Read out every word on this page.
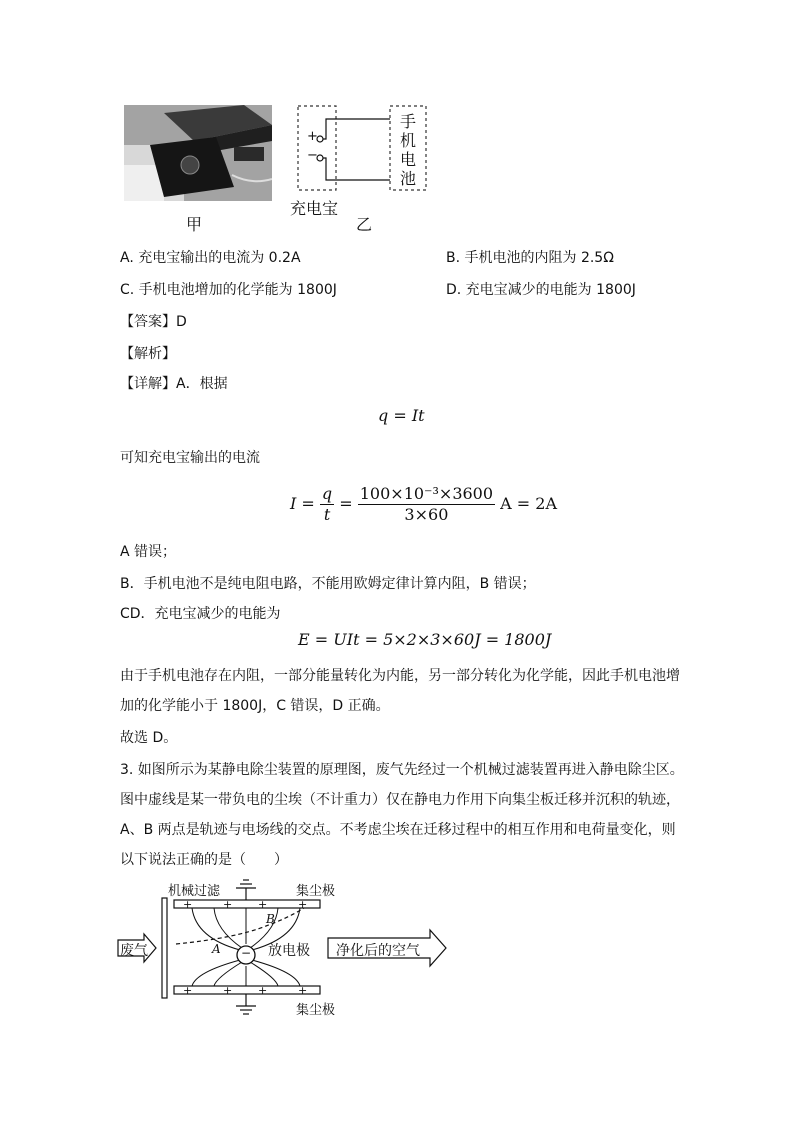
甲
+
−
手
机
电
池
充电宝
乙
A. 充电宝输出的电流为 0.2A	B. 手机电池的内阻为 2.5Ω
C. 手机电池增加的化学能为 1800J	D. 充电宝减少的电能为 1800J
【答案】D
【解析】
【详解】A．根据
q = It
可知充电宝输出的电流
$I = \frac{q}{t} = \frac{\text{100×10⁻³×3600}}{3\times 60}$ A = 2A
A 错误；
B．手机电池不是纯电阻电路，不能用欧姆定律计算内阻，B 错误；
CD．充电宝减少的电能为
E = UIt = 5×2×3×60J = 1800J
由于手机电池存在内阻，一部分能量转化为内能，另一部分转化为化学能，因此手机电池增
加的化学能小于 1800J，C 错误，D 正确。
故选 D。
3. 如图所示为某静电除尘装置的原理图，废气先经过一个机械过滤装置再进入静电除尘区。
图中虚线是某一带负电的尘埃（不计重力）仅在静电力作用下向集尘板迁移并沉积的轨迹，
A、B 两点是轨迹与电场线的交点。不考虑尘埃在迁移过程中的相互作用和电荷量变化，则
以下说法正确的是（　　）
机械过滤	集尘极
集尘极
废气	放电极 净化后的空气
A
B
−
+	+ +	+
+	+ +	+
